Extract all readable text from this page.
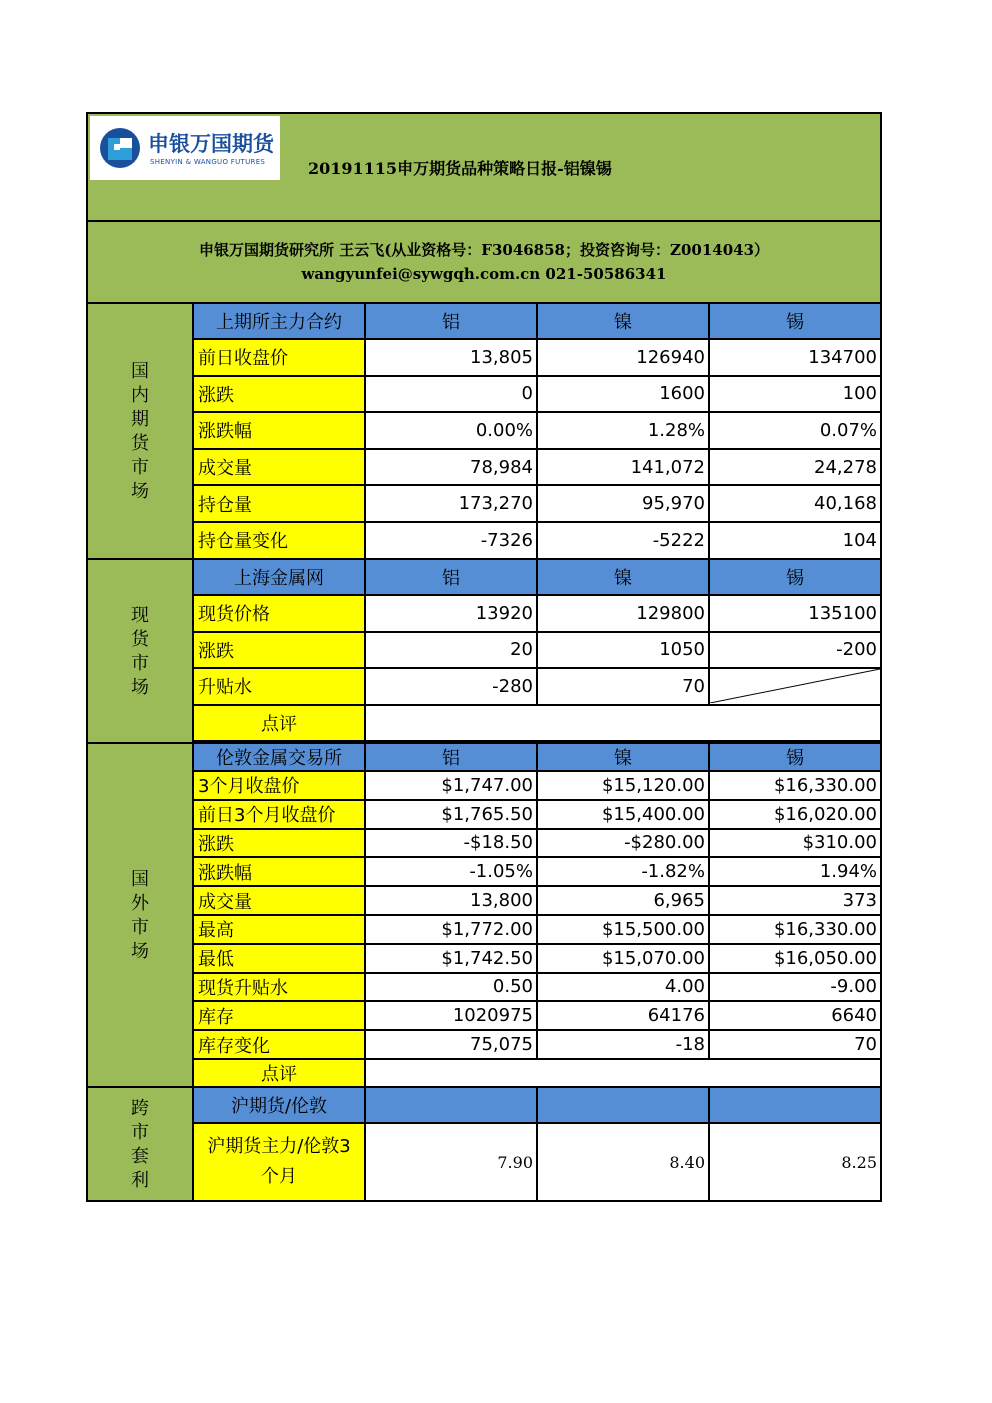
申银万国期货
SHENYIN & WANGUO FUTURES	20191115申万期货品种策略日报-铝镍锡
申银万国期货研究所 王云飞(从业资格号：F3046858；投资咨询号：Z0014043）
wangyunfei@sywgqh.com.cn 021-50586341
国
内
期
货
市
场
上期所主力合约	铝	镍	锡
前日收盘价	13,805	126940	134700
涨跌	0	1600	100
涨跌幅	0.00%	1.28%	0.07%
成交量	78,984	141,072	24,278
持仓量	173,270	95,970	40,168
持仓量变化	-7326	-5222	104
现
货
市
场
上海金属网	铝	镍	锡
现货价格	13920	129800	135100
涨跌	20	1050	-200
升贴水	-280	70
点评
国
外
市
场
伦敦金属交易所	铝	镍	锡
3个月收盘价	$1,747.00	$15,120.00	$16,330.00
前日3个月收盘价	$1,765.50	$15,400.00	$16,020.00
涨跌	-$18.50	-$280.00	$310.00
涨跌幅	-1.05%	-1.82%	1.94%
成交量	13,800	6,965	373
最高	$1,772.00	$15,500.00	$16,330.00
最低	$1,742.50	$15,070.00	$16,050.00
现货升贴水	0.50	4.00	-9.00
库存	1020975	64176	6640
库存变化	75,075	-18	70
点评
跨
市
套
利
沪期货/伦敦
沪期货主力/伦敦3
个月
7.90	8.40	8.25
